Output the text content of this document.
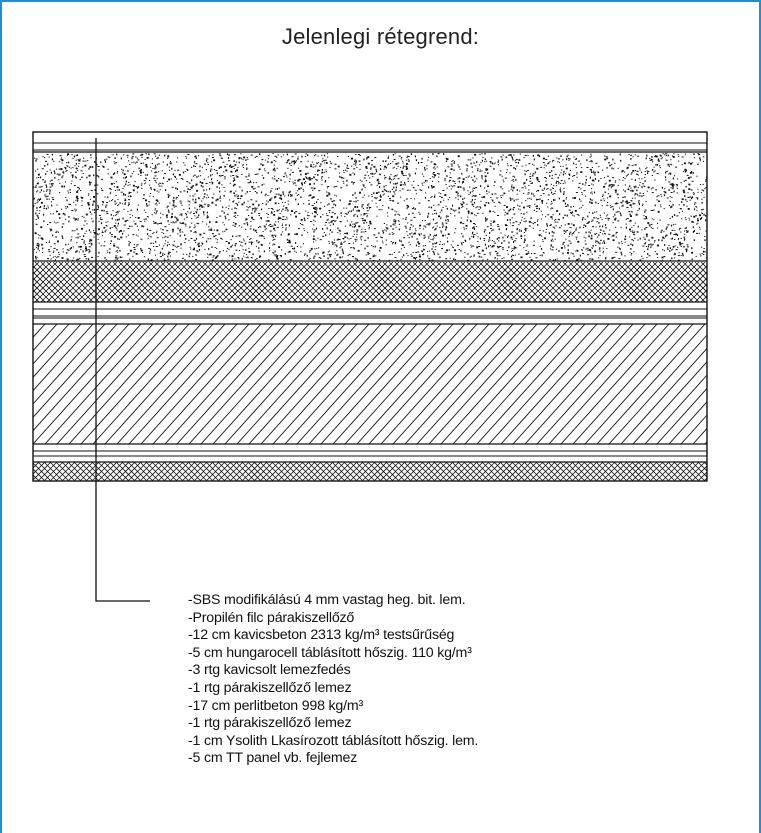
Jelenlegi rétegrend:
-SBS modifikálású 4 mm vastag heg. bit. lem.
-Propilén filc párakiszellőző
-12 cm kavicsbeton 2313 kg/m³ testsűrűség
-5 cm hungarocell táblásított hőszig. 110 kg/m³
-3 rtg kavicsolt lemezfedés
-1 rtg párakiszellőző lemez
-17 cm perlitbeton 998 kg/m³
-1 rtg párakiszellőző lemez
-1 cm Ysolith Lkasírozott táblásított hőszig. lem.
-5 cm TT panel vb. fejlemez
